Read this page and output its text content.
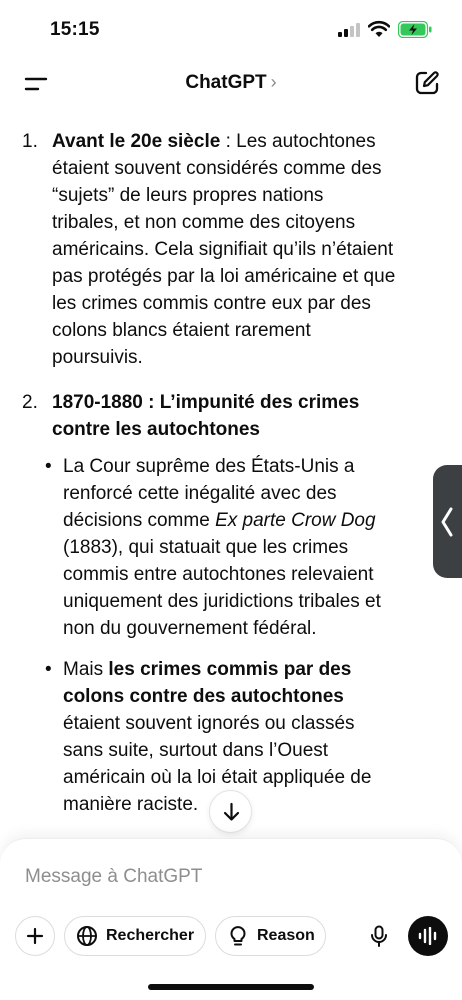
15:15
ChatGPT ›
1. Avant le 20e siècle : Les autochtones
étaient souvent considérés comme des
“sujets” de leurs propres nations
tribales, et non comme des citoyens
américains. Cela signifiait qu’ils n’étaient
pas protégés par la loi américaine et que
les crimes commis contre eux par des
colons blancs étaient rarement
poursuivis.
2. 1870-1880 : L’impunité des crimes
contre les autochtones
• La Cour suprême des États-Unis a
renforcé cette inégalité avec des
décisions comme Ex parte Crow Dog
(1883), qui statuait que les crimes
commis entre autochtones relevaient
uniquement des juridictions tribales et
non du gouvernement fédéral.
• Mais les crimes commis par des
colons contre des autochtones
étaient souvent ignorés ou classés
sans suite, surtout dans l’Ouest
américain où la loi était appliquée de
manière raciste.
Message à ChatGPT
Rechercher	Reason
